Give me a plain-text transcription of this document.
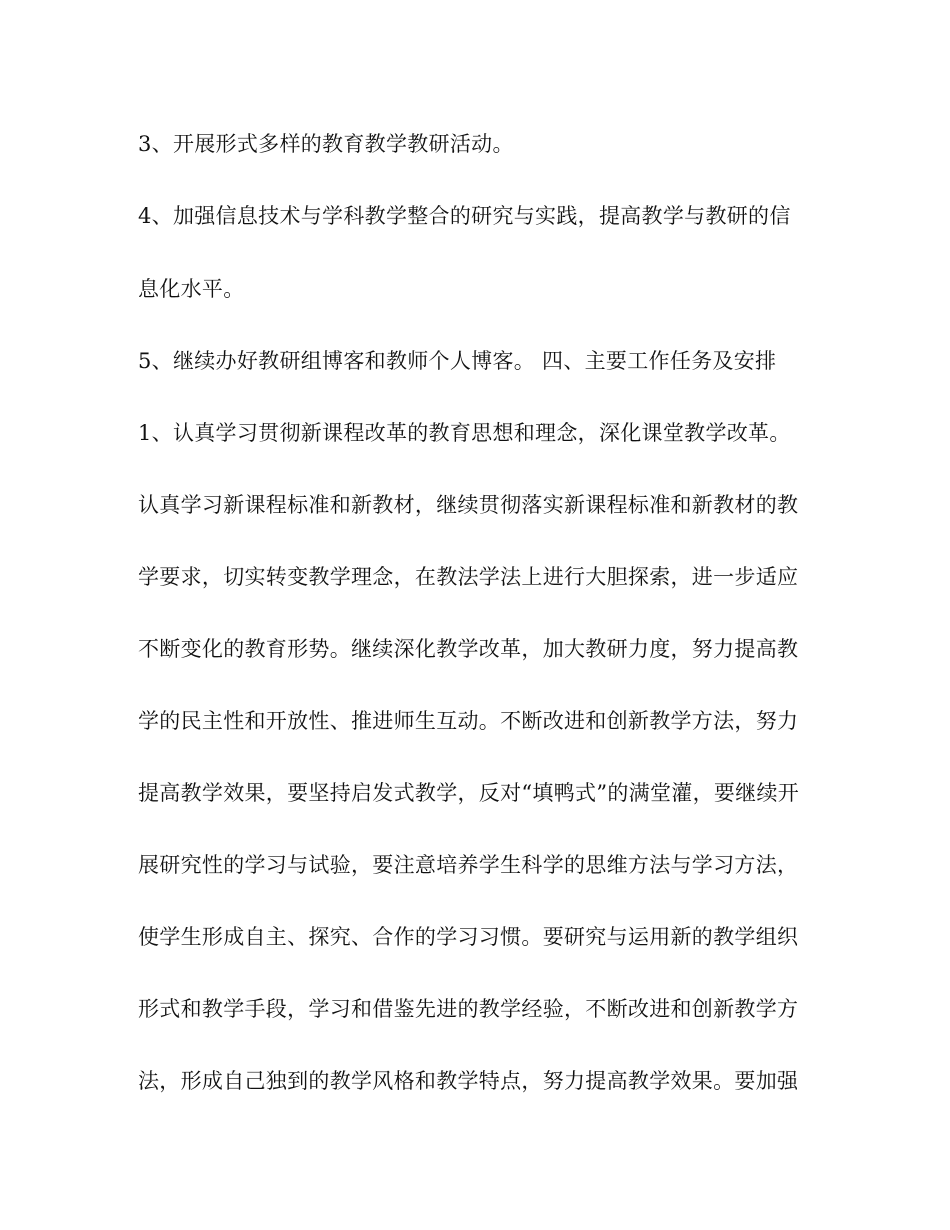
3、开展形式多样的教育教学教研活动。
4、加强信息技术与学科教学整合的研究与实践，提高教学与教研的信
息化水平。
5、继续办好教研组博客和教师个人博客。 四、主要工作任务及安排
1、认真学习贯彻新课程改革的教育思想和理念，深化课堂教学改革。
认真学习新课程标准和新教材，继续贯彻落实新课程标准和新教材的教
学要求，切实转变教学理念，在教法学法上进行大胆探索，进一步适应
不断变化的教育形势。继续深化教学改革，加大教研力度，努力提高教
学的民主性和开放性、推进师生互动。不断改进和创新教学方法，努力
提高教学效果，要坚持启发式教学，反对“填鸭式”的满堂灌，要继续开
展研究性的学习与试验，要注意培养学生科学的思维方法与学习方法，
使学生形成自主、探究、合作的学习习惯。要研究与运用新的教学组织
形式和教学手段，学习和借鉴先进的教学经验，不断改进和创新教学方
法，形成自己独到的教学风格和教学特点，努力提高教学效果。要加强
